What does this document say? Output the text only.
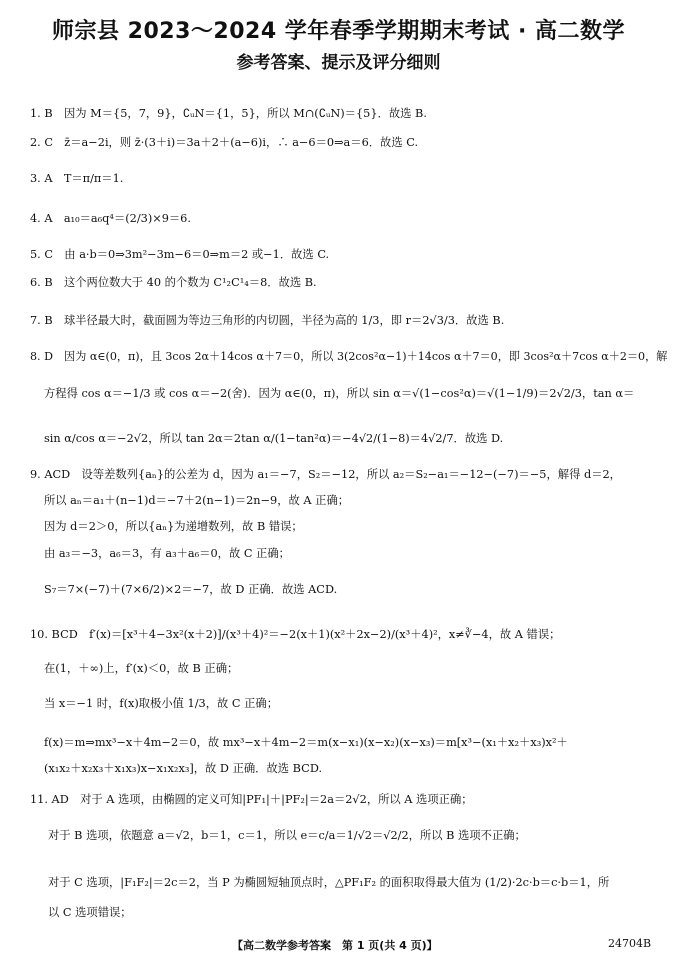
师宗县 2023～2024 学年春季学期期末考试 · 高二数学
参考答案、提示及评分细则
1. B　因为 M＝{5，7，9}，∁ᵤN＝{1，5}，所以 M∩(∁ᵤN)＝{5}．故选 B.
2. C　z̄＝a−2i，则 z̄·(3＋i)＝3a＋2＋(a−6)i，∴ a−6＝0⇒a＝6．故选 C.
3. A　T＝π/π＝1.
4. A　a₁₀＝a₆q⁴＝(2/3)×9＝6.
5. C　由 a·b＝0⇒3m²−3m−6＝0⇒m＝2 或−1．故选 C.
6. B　这个两位数大于 40 的个数为 C¹₂C¹₄＝8．故选 B.
7. B　球半径最大时，截面圆为等边三角形的内切圆，半径为高的 1/3，即 r＝2√3/3．故选 B.
8. D　因为 α∈(0，π)，且 3cos 2α＋14cos α＋7＝0，所以 3(2cos²α−1)＋14cos α＋7＝0，即 3cos²α＋7cos α＋2＝0，解
方程得 cos α＝−1/3 或 cos α＝−2(舍)．因为 α∈(0，π)，所以 sin α＝√(1−cos²α)＝√(1−1/9)＝2√2/3，tan α＝
sin α/cos α＝−2√2，所以 tan 2α＝2tan α/(1−tan²α)＝−4√2/(1−8)＝4√2/7．故选 D.
9. ACD　设等差数列{aₙ}的公差为 d，因为 a₁＝−7，S₂＝−12，所以 a₂＝S₂−a₁＝−12−(−7)＝−5，解得 d＝2，
所以 aₙ＝a₁＋(n−1)d＝−7＋2(n−1)＝2n−9，故 A 正确；
因为 d＝2＞0，所以{aₙ}为递增数列，故 B 错误；
由 a₃＝−3，a₆＝3，有 a₃＋a₆＝0，故 C 正确；
S₇＝7×(−7)＋(7×6/2)×2＝−7，故 D 正确．故选 ACD.
10. BCD　f′(x)＝[x³＋4−3x²(x＋2)]/(x³＋4)²＝−2(x＋1)(x²＋2x−2)/(x³＋4)²，x≠∛−4，故 A 错误；
在(1，＋∞)上，f′(x)＜0，故 B 正确；
当 x＝−1 时，f(x)取极小值 1/3，故 C 正确；
f(x)＝m⇒mx³−x＋4m−2＝0，故 mx³−x＋4m−2＝m(x−x₁)(x−x₂)(x−x₃)＝m[x³−(x₁＋x₂＋x₃)x²＋
(x₁x₂＋x₂x₃＋x₁x₃)x−x₁x₂x₃]，故 D 正确．故选 BCD.
11. AD　对于 A 选项，由椭圆的定义可知|PF₁|＋|PF₂|＝2a＝2√2，所以 A 选项正确；
对于 B 选项，依题意 a＝√2，b＝1，c＝1，所以 e＝c/a＝1/√2＝√2/2，所以 B 选项不正确；
对于 C 选项，|F₁F₂|＝2c＝2，当 P 为椭圆短轴顶点时，△PF₁F₂ 的面积取得最大值为 (1/2)·2c·b＝c·b＝1，所
以 C 选项错误；
【高二数学参考答案　第 1 页(共 4 页)】	24704B
